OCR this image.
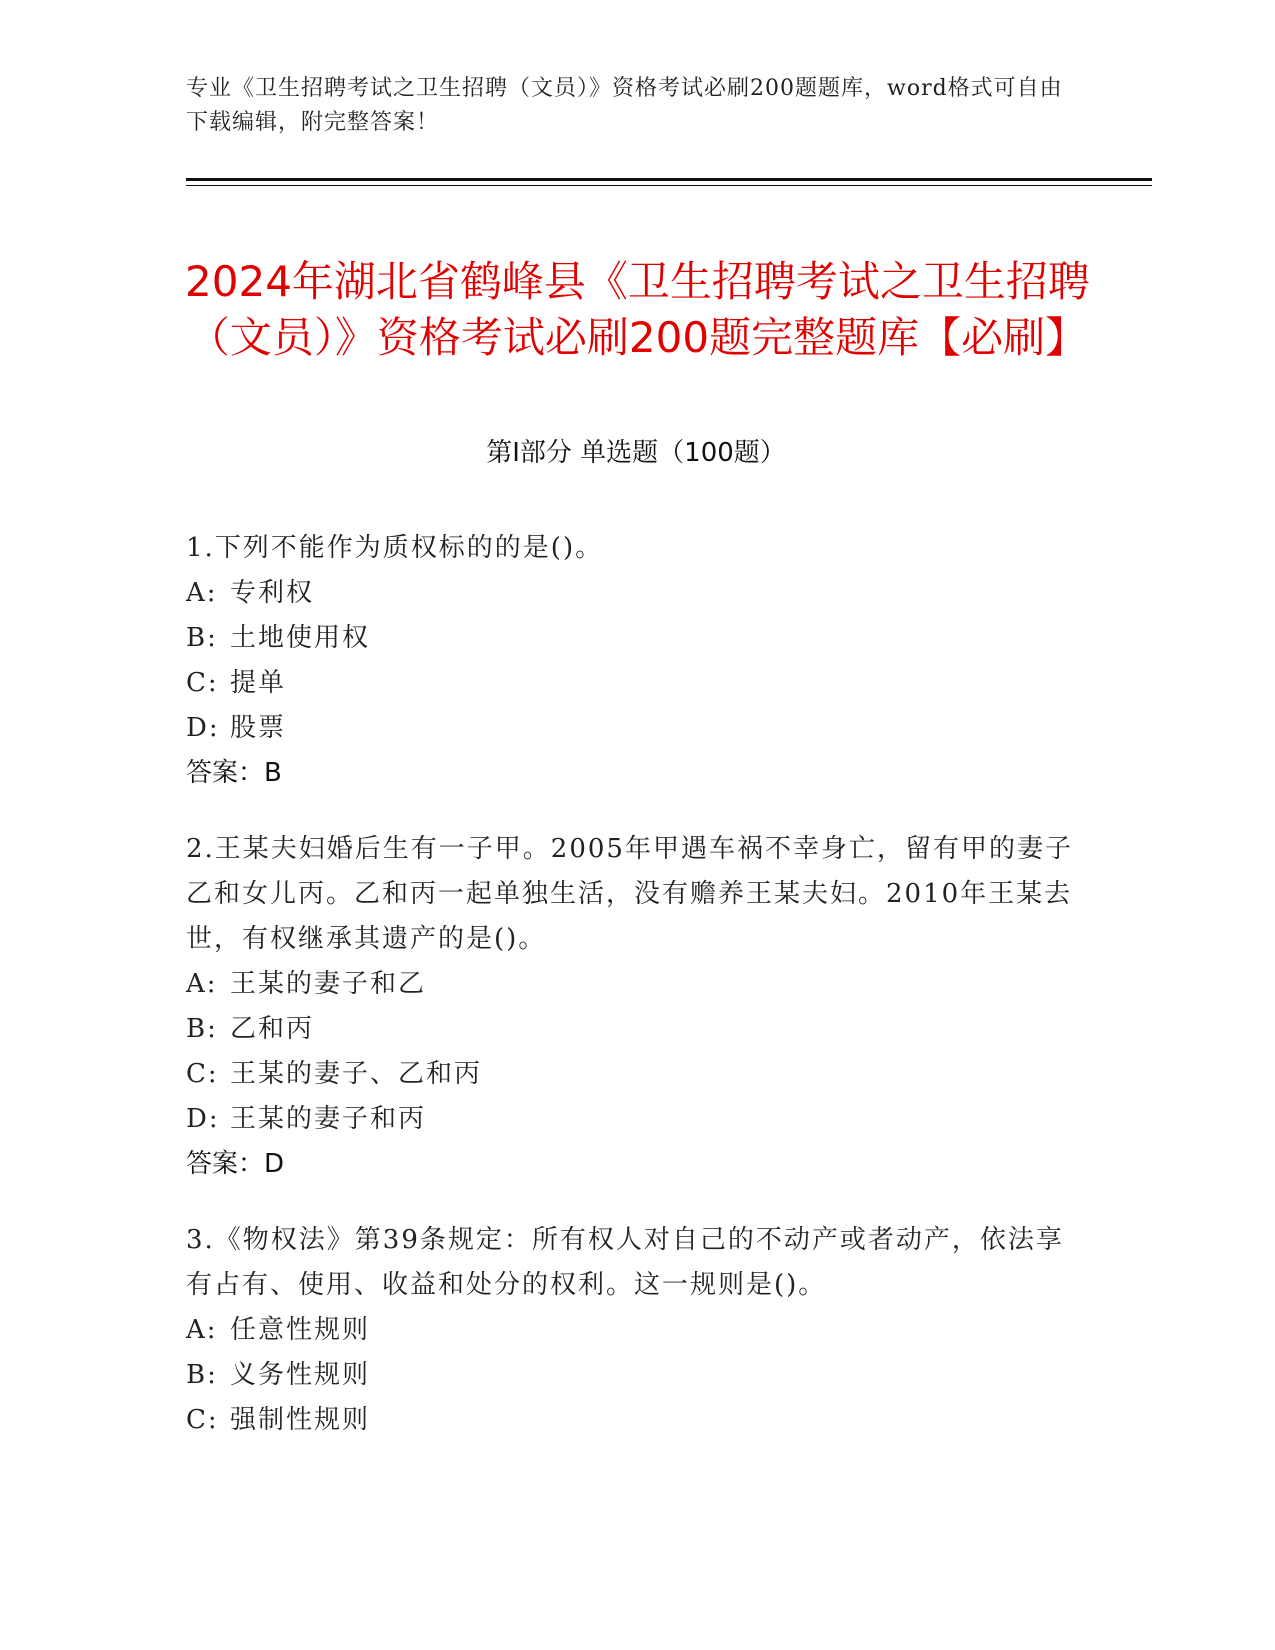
专业《卫生招聘考试之卫生招聘（文员）》资格考试必刷200题题库，word格式可自由下载编辑，附完整答案！
2024年湖北省鹤峰县《卫生招聘考试之卫生招聘（文员）》资格考试必刷200题完整题库【必刷】
第I部分 单选题（100题）
1.下列不能作为质权标的的是()。
A: 专利权
B: 土地使用权
C: 提单
D: 股票
答案：B
2.王某夫妇婚后生有一子甲。2005年甲遇车祸不幸身亡，留有甲的妻子乙和女儿丙。乙和丙一起单独生活，没有赡养王某夫妇。2010年王某去世，有权继承其遗产的是()。
A: 王某的妻子和乙
B: 乙和丙
C: 王某的妻子、乙和丙
D: 王某的妻子和丙
答案：D
3.《物权法》第39条规定：所有权人对自己的不动产或者动产，依法享有占有、使用、收益和处分的权利。这一规则是()。
A: 任意性规则
B: 义务性规则
C: 强制性规则
